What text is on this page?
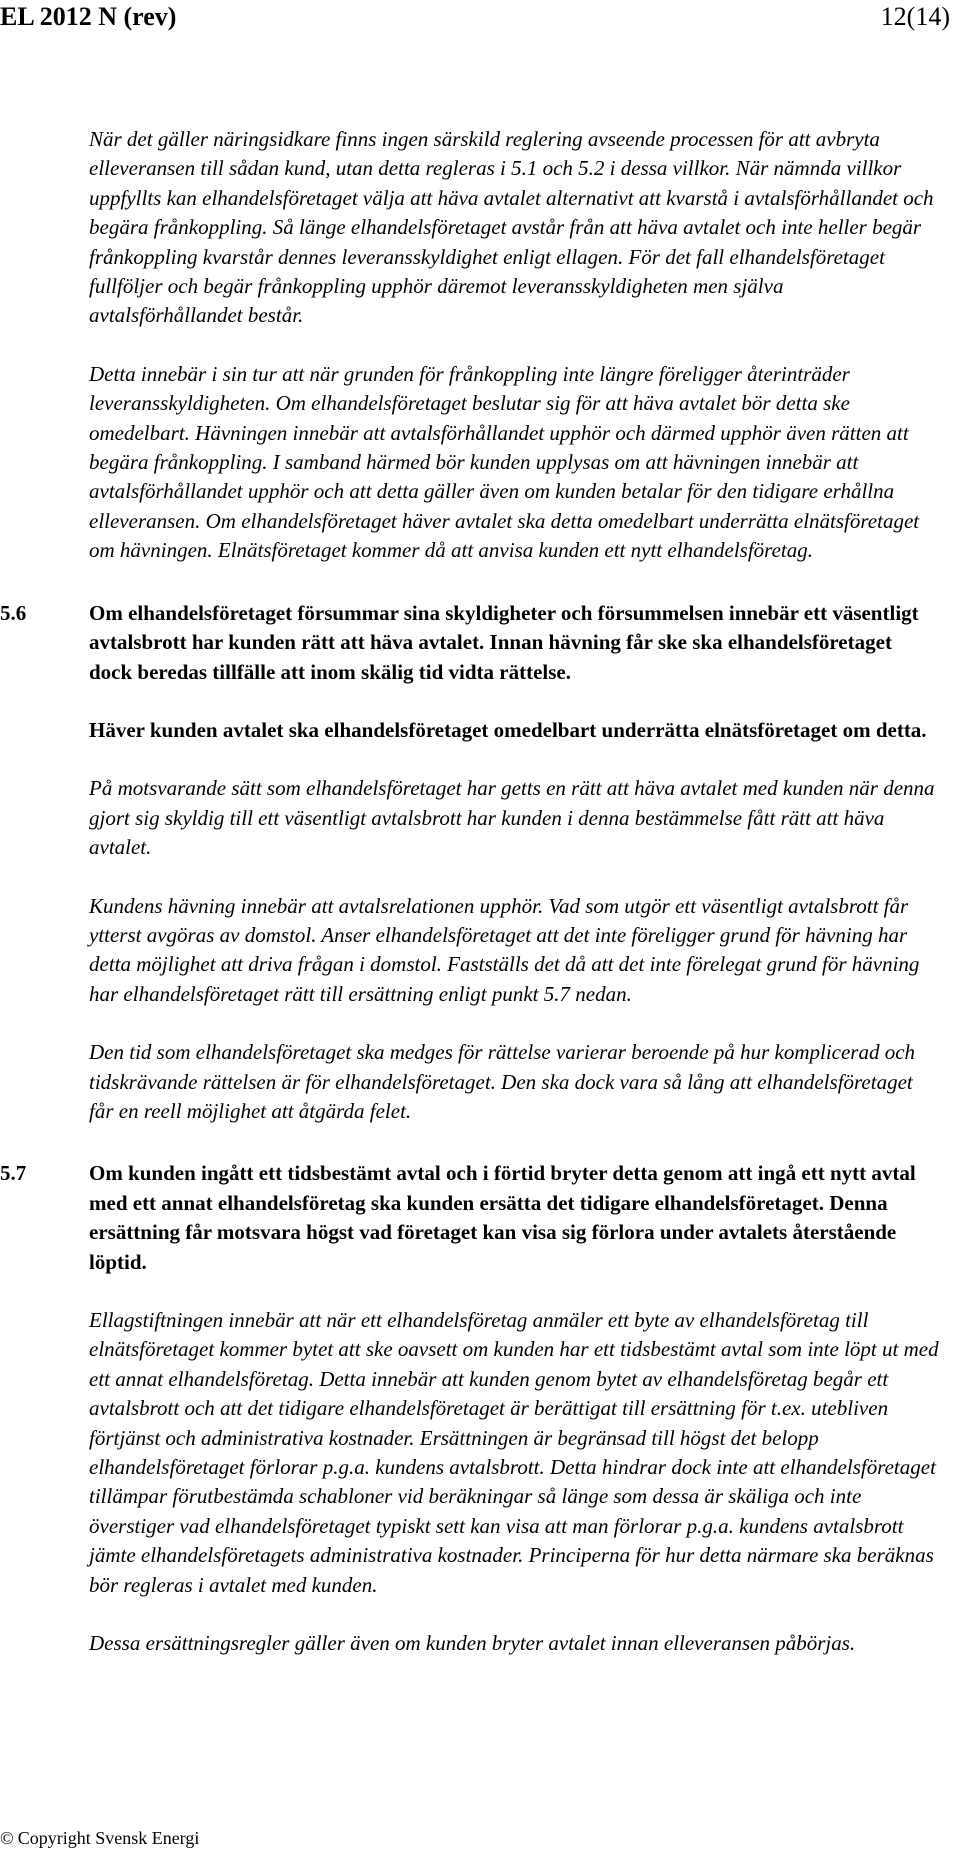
EL 2012 N (rev)	12(14)

När det gäller näringsidkare finns ingen särskild reglering avseende processen för att avbryta elleveransen till sådan kund, utan detta regleras i 5.1 och 5.2 i dessa villkor. När nämnda villkor uppfyllts kan elhandelsföretaget välja att häva avtalet alternativt att kvarstå i avtalsförhållandet och begära frånkoppling. Så länge elhandelsföretaget avstår från att häva avtalet och inte heller begär frånkoppling kvarstår dennes leveransskyldighet enligt ellagen. För det fall elhandelsföretaget fullföljer och begär frånkoppling upphör däremot leveransskyldigheten men själva avtalsförhållandet består.

Detta innebär i sin tur att när grunden för frånkoppling inte längre föreligger återinträder leveransskyldigheten. Om elhandelsföretaget beslutar sig för att häva avtalet bör detta ske omedelbart. Hävningen innebär att avtalsförhållandet upphör och därmed upphör även rätten att begära frånkoppling. I samband härmed bör kunden upplysas om att hävningen innebär att avtalsförhållandet upphör och att detta gäller även om kunden betalar för den tidigare erhållna elleveransen. Om elhandelsföretaget häver avtalet ska detta omedelbart underrätta elnätsföretaget om hävningen. Elnätsföretaget kommer då att anvisa kunden ett nytt elhandelsföretag.

5.6	Om elhandelsföretaget försummar sina skyldigheter och försummelsen innebär ett väsentligt avtalsbrott har kunden rätt att häva avtalet. Innan hävning får ske ska elhandelsföretaget dock beredas tillfälle att inom skälig tid vidta rättelse.

Häver kunden avtalet ska elhandelsföretaget omedelbart underrätta elnätsföretaget om detta.

På motsvarande sätt som elhandelsföretaget har getts en rätt att häva avtalet med kunden när denna gjort sig skyldig till ett väsentligt avtalsbrott har kunden i denna bestämmelse fått rätt att häva avtalet.

Kundens hävning innebär att avtalsrelationen upphör. Vad som utgör ett väsentligt avtalsbrott får ytterst avgöras av domstol. Anser elhandelsföretaget att det inte föreligger grund för hävning har detta möjlighet att driva frågan i domstol. Fastställs det då att det inte förelegat grund för hävning har elhandelsföretaget rätt till ersättning enligt punkt 5.7 nedan.

Den tid som elhandelsföretaget ska medges för rättelse varierar beroende på hur komplicerad och tidskrävande rättelsen är för elhandelsföretaget. Den ska dock vara så lång att elhandelsföretaget får en reell möjlighet att åtgärda felet.

5.7	Om kunden ingått ett tidsbestämt avtal och i förtid bryter detta genom att ingå ett nytt avtal med ett annat elhandelsföretag ska kunden ersätta det tidigare elhandelsföretaget. Denna ersättning får motsvara högst vad företaget kan visa sig förlora under avtalets återstående löptid.

Ellagstiftningen innebär att när ett elhandelsföretag anmäler ett byte av elhandelsföretag till elnätsföretaget kommer bytet att ske oavsett om kunden har ett tidsbestämt avtal som inte löpt ut med ett annat elhandelsföretag. Detta innebär att kunden genom bytet av elhandelsföretag begår ett avtalsbrott och att det tidigare elhandelsföretaget är berättigat till ersättning för t.ex. utebliven förtjänst och administrativa kostnader. Ersättningen är begränsad till högst det belopp elhandelsföretaget förlorar p.g.a. kundens avtalsbrott. Detta hindrar dock inte att elhandelsföretaget tillämpar förutbestämda schabloner vid beräkningar så länge som dessa är skäliga och inte överstiger vad elhandelsföretaget typiskt sett kan visa att man förlorar p.g.a. kundens avtalsbrott jämte elhandelsföretagets administrativa kostnader. Principerna för hur detta närmare ska beräknas bör regleras i avtalet med kunden.

Dessa ersättningsregler gäller även om kunden bryter avtalet innan elleveransen påbörjas.

© Copyright Svensk Energi
